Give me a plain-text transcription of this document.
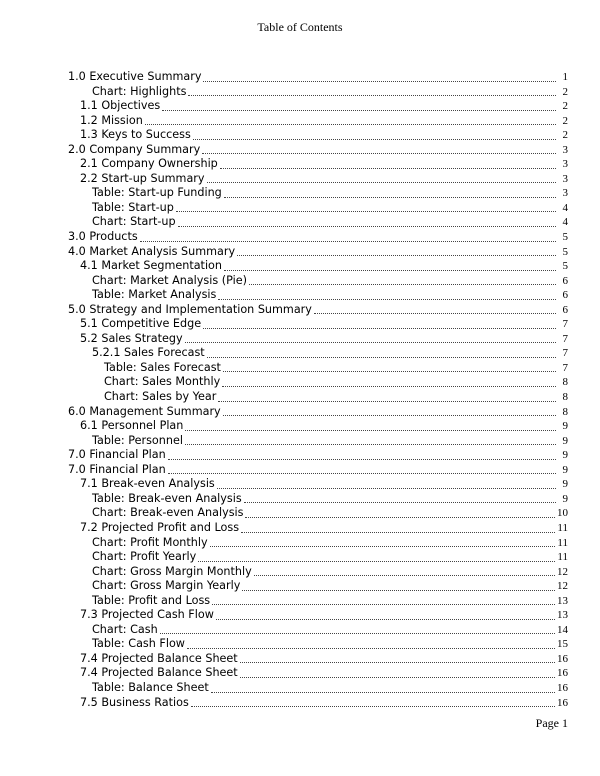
Table of Contents
1.0 Executive Summary	1
Chart: Highlights	2
1.1 Objectives	2
1.2 Mission	2
1.3 Keys to Success	2
2.0 Company Summary	3
2.1 Company Ownership	3
2.2 Start-up Summary	3
Table: Start-up Funding	3
Table: Start-up	4
Chart: Start-up	4
3.0 Products	5
4.0 Market Analysis Summary	5
4.1 Market Segmentation	5
Chart: Market Analysis (Pie)	6
Table: Market Analysis	6
5.0 Strategy and Implementation Summary	6
5.1 Competitive Edge	7
5.2 Sales Strategy	7
5.2.1 Sales Forecast	7
Table: Sales Forecast	7
Chart: Sales Monthly	8
Chart: Sales by Year	8
6.0 Management Summary	8
6.1 Personnel Plan	9
Table: Personnel	9
7.0 Financial Plan	9
7.0 Financial Plan	9
7.1 Break-even Analysis	9
Table: Break-even Analysis	9
Chart: Break-even Analysis	10
7.2 Projected Profit and Loss	11
Chart: Profit Monthly	11
Chart: Profit Yearly	11
Chart: Gross Margin Monthly	12
Chart: Gross Margin Yearly	12
Table: Profit and Loss	13
7.3 Projected Cash Flow	13
Chart: Cash	14
Table: Cash Flow	15
7.4 Projected Balance Sheet	16
7.4 Projected Balance Sheet	16
Table: Balance Sheet	16
7.5 Business Ratios	16
Page 1
